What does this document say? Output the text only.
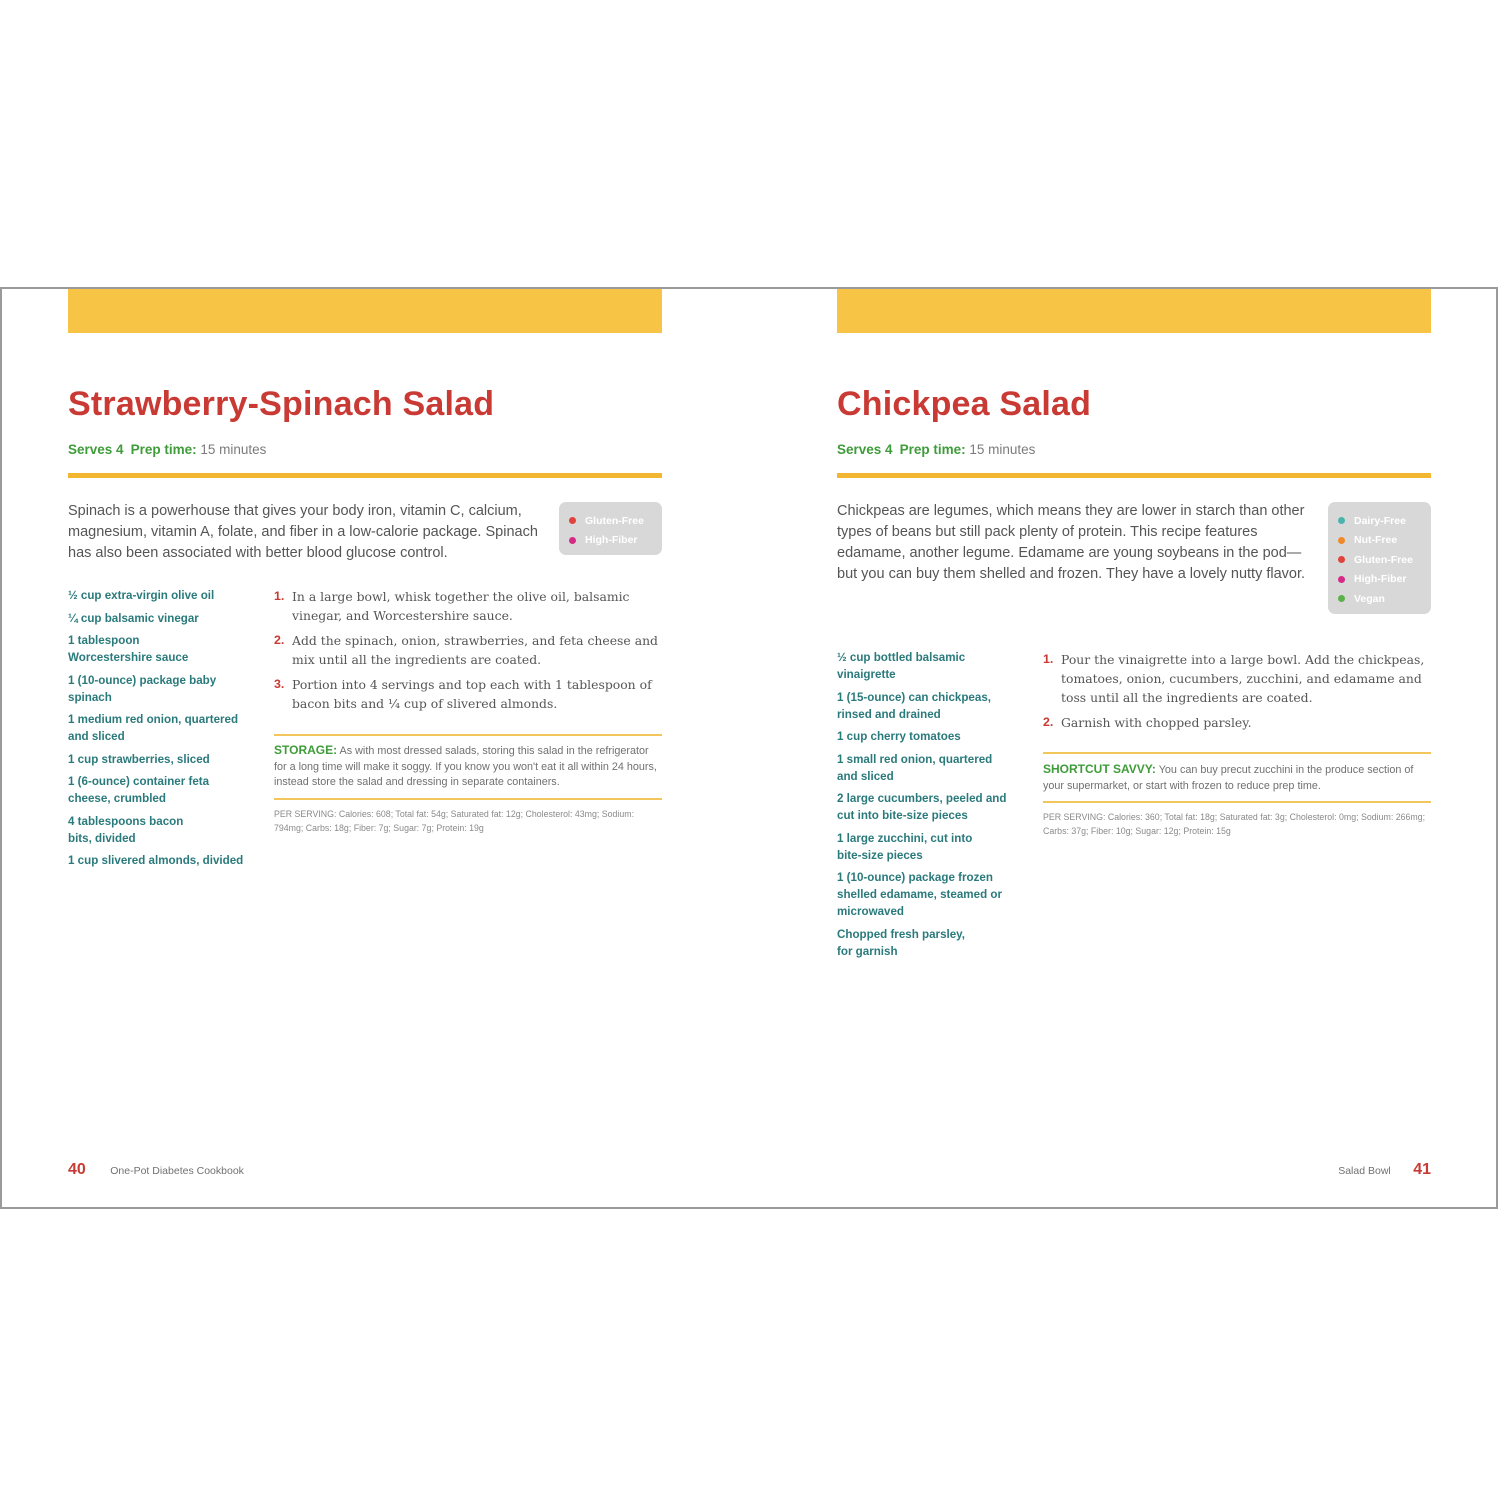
Strawberry-Spinach Salad
Serves 4 Prep time: 15 minutes

Spinach is a powerhouse that gives your body iron, vitamin C, calcium, magnesium, vitamin A, folate, and fiber in a low-calorie package. Spinach has also been associated with better blood glucose control.

Gluten-Free
High-Fiber
½ cup extra-virgin olive oil
¼ cup balsamic vinegar
1 tablespoon Worcestershire sauce
1 (10-ounce) package baby spinach
1 medium red onion, quartered and sliced
1 cup strawberries, sliced
1 (6-ounce) container feta cheese, crumbled
4 tablespoons bacon bits, divided
1 cup slivered almonds, divided
1. In a large bowl, whisk together the olive oil, balsamic vinegar, and Worcestershire sauce.
2. Add the spinach, onion, strawberries, and feta cheese and mix until all the ingredients are coated.
3. Portion into 4 servings and top each with 1 tablespoon of bacon bits and ¼ cup of slivered almonds.

STORAGE: As with most dressed salads, storing this salad in the refrigerator for a long time will make it soggy. If you know you won't eat it all within 24 hours, instead store the salad and dressing in separate containers.

PER SERVING: Calories: 608; Total fat: 54g; Saturated fat: 12g; Cholesterol: 43mg; Sodium: 794mg; Carbs: 18g; Fiber: 7g; Sugar: 7g; Protein: 19g

40 One-Pot Diabetes Cookbook
Chickpea Salad
Serves 4 Prep time: 15 minutes

Chickpeas are legumes, which means they are lower in starch than other types of beans but still pack plenty of protein. This recipe features edamame, another legume. Edamame are young soybeans in the pod—but you can buy them shelled and frozen. They have a lovely nutty flavor.

Dairy-Free
Nut-Free
Gluten-Free
High-Fiber
Vegan
½ cup bottled balsamic vinaigrette
1 (15-ounce) can chickpeas, rinsed and drained
1 cup cherry tomatoes
1 small red onion, quartered and sliced
2 large cucumbers, peeled and cut into bite-size pieces
1 large zucchini, cut into bite-size pieces
1 (10-ounce) package frozen shelled edamame, steamed or microwaved
Chopped fresh parsley, for garnish
1. Pour the vinaigrette into a large bowl. Add the chickpeas, tomatoes, onion, cucumbers, zucchini, and edamame and toss until all the ingredients are coated.
2. Garnish with chopped parsley.

SHORTCUT SAVVY: You can buy precut zucchini in the produce section of your supermarket, or start with frozen to reduce prep time.

PER SERVING: Calories: 360; Total fat: 18g; Saturated fat: 3g; Cholesterol: 0mg; Sodium: 266mg; Carbs: 37g; Fiber: 10g; Sugar: 12g; Protein: 15g

Salad Bowl 41
